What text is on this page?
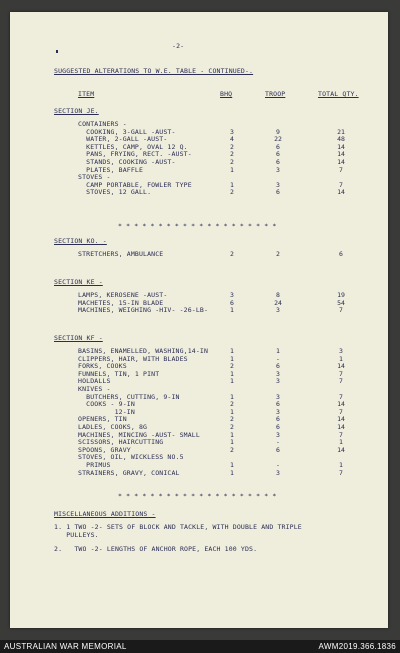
-2-
SUGGESTED ALTERATIONS TO W.E. TABLE - CONTINUED-.
ITEM	BHQ	TROOP	TOTAL QTY.
SECTION JE.
CONTAINERS -
COOKING, 3-GALL -AUST-	3	9	21
WATER, 2-GALL -AUST-	4	22	48
KETTLES, CAMP, OVAL 12 Q.	2	6	14
PANS, FRYING, RECT. -AUST-	2	6	14
STANDS, COOKING -AUST-	2	6	14
PLATES, BAFFLE	1	3	7
STOVES -
CAMP PORTABLE, FOWLER TYPE	1	3	7
STOVES, 12 GALL.	2	6	14
SECTION KO. -
STRETCHERS, AMBULANCE	2	2	6
SECTION KE -
LAMPS, KEROSENE -AUST-	3	8	19
MACHETES, 15-IN BLADE	6	24	54
MACHINES, WEIGHING -HIV- -26-LB-	1	3	7
SECTION KF -
BASINS, ENAMELLED, WASHING,14-IN	1	1	3
CLIPPERS, HAIR, WITH BLADES	1	-	1
FORKS, COOKS	2	6	14
FUNNELS, TIN, 1 PINT	1	3	7
HOLDALLS	1	3	7
KNIVES -
BUTCHERS, CUTTING, 9-IN	1	3	7
COOKS - 9-IN	2	6	14
12-IN	1	3	7
OPENERS, TIN	2	6	14
LADLES, COOKS, 8G	2	6	14
MACHINES, MINCING -AUST- SMALL	1	3	7
SCISSORS, HAIRCUTTING	1	-	1
SPOONS, GRAVY	2	6	14
STOVES, OIL, WICKLESS NO.5
PRIMUS	1	-	1
STRAINERS, GRAVY, CONICAL	1	3	7
* * * * * * * * * * * * * * * * * * * *
* * * * * * * * * * * * * * * * * * * *
MISCELLANEOUS ADDITIONS -
1. 1 TWO -2- SETS OF BLOCK AND TACKLE, WITH DOUBLE AND TRIPLE
PULLEYS.
2.   TWO -2- LENGTHS OF ANCHOR ROPE, EACH 100 YDS.
AUSTRALIAN WAR MEMORIAL	AWM2019.366.1836
